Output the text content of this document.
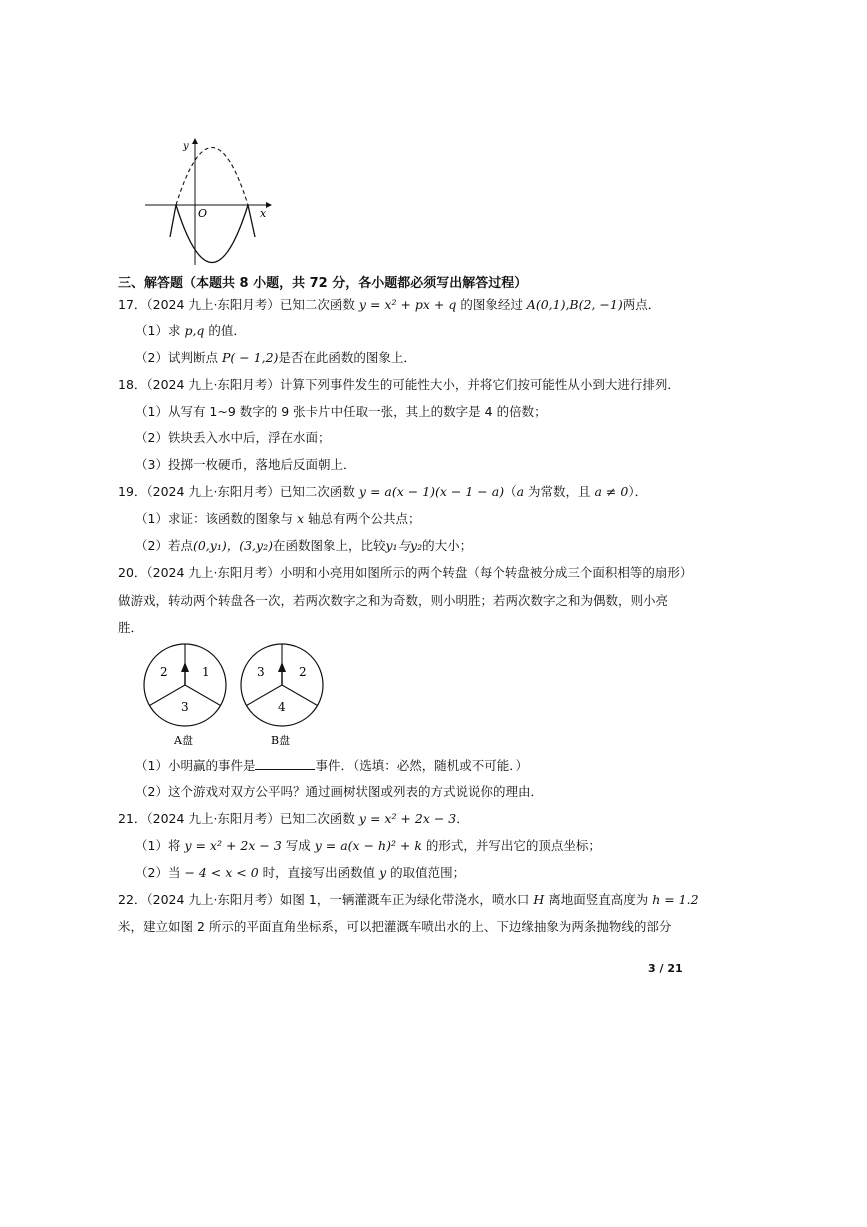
y
x
O
三、解答题（本题共 8 小题，共 72 分，各小题都必须写出解答过程）
17．（2024 九上·东阳月考）已知二次函数 y = x² + px + q 的图象经过 A(0,1),B(2, −1)两点．
（1）求 p,q 的值．
（2）试判断点 P( − 1,2)是否在此函数的图象上．
18．（2024 九上·东阳月考）计算下列事件发生的可能性大小，并将它们按可能性从小到大进行排列．
（1）从写有 1~9 数字的 9 张卡片中任取一张，其上的数字是 4 的倍数；
（2）铁块丢入水中后，浮在水面；
（3）投掷一枚硬币，落地后反面朝上．
19．（2024 九上·东阳月考）已知二次函数 y = a(x − 1)(x − 1 − a)（a 为常数，且 a ≠ 0）．
（1）求证：该函数的图象与 x 轴总有两个公共点；
（2）若点(0,y₁)，(3,y₂)在函数图象上，比较y₁与y₂的大小；
20．（2024 九上·东阳月考）小明和小亮用如图所示的两个转盘（每个转盘被分成三个面积相等的扇形）
做游戏，转动两个转盘各一次，若两次数字之和为奇数，则小明胜；若两次数字之和为偶数，则小亮
胜．
2	1
3
A盘
3	2
4
B盘
（1）小明赢的事件是	事件．（选填：必然，随机或不可能．）
（2）这个游戏对双方公平吗？通过画树状图或列表的方式说说你的理由．
21．（2024 九上·东阳月考）已知二次函数 y = x² + 2x − 3．
（1）将 y = x² + 2x − 3 写成 y = a(x − h)² + k 的形式，并写出它的顶点坐标；
（2）当 − 4 < x < 0 时，直接写出函数值 y 的取值范围；
22．（2024 九上·东阳月考）如图 1，一辆灌溉车正为绿化带浇水，喷水口 H 离地面竖直高度为 h = 1.2
米，建立如图 2 所示的平面直角坐标系，可以把灌溉车喷出水的上、下边缘抽象为两条抛物线的部分
3 / 21
